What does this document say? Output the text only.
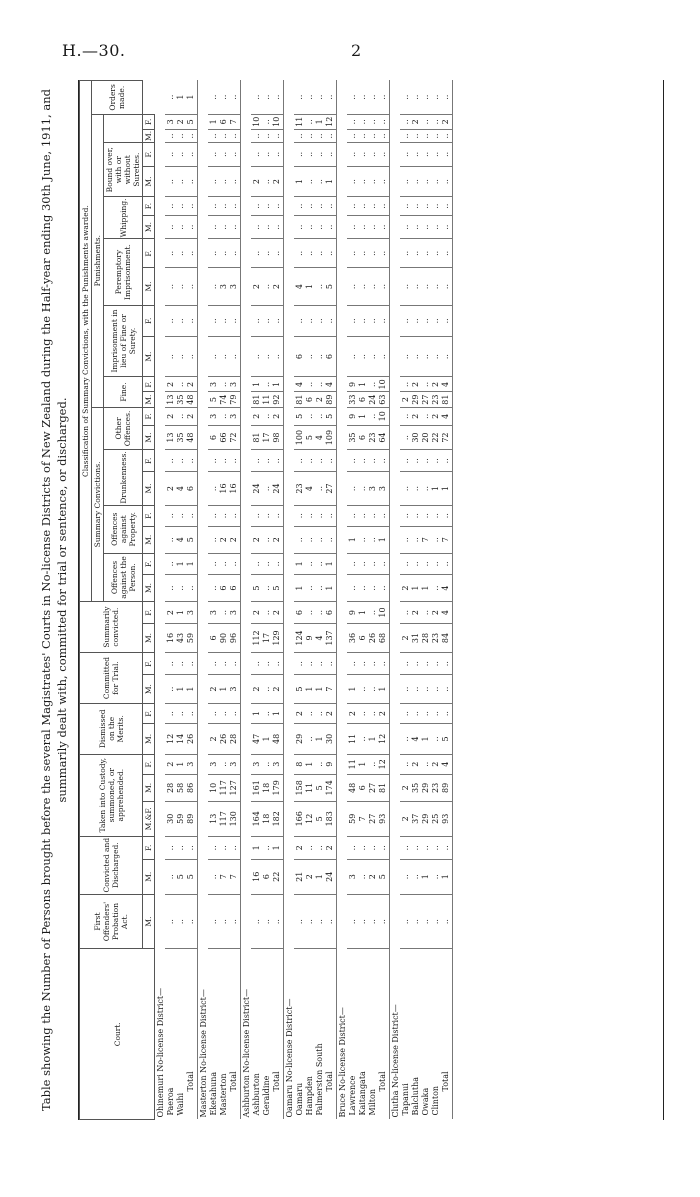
H.—30.	2
Table showing the Number of Persons brought before the several Magistrates' Courts in No-license Districts of New Zealand during the Half-year ending 30th June, 1911, and summarily dealt with, committed for trial or sentence, or discharged.
Court.	First Offenders' Probation Act.	Convicted and Discharged.		Taken into Custody, summoned, or apprehended.			Dismissed on the Merits.		Committed for Trial.		Summarily convicted.		Classification of Summary Convictions, with the Punishments awarded.																				
													Summary Convictions.								Punishments.												Orders made.
													Offences against the Person.		Offences against Property.		Drunkenness.		Other Offences.		Fine.		Imprisonment in lieu of Fine or Surety.		Peremptory Imprisonment.		Whipping.		Bound over, with or without Sureties.				
	M.	M.	F.	M.&F.	M.	F.	M.	F.	M.	F.	M.	F.	M.	F.	M.	F.	M.	F.	M.	F.	M.	F.	M.	F.	M.	F.	M.	F.	M.	F.	M.	F.	
Ohinemuri No-license District—																																	
Paeroa	..	..	..	30	28	2	12	..	..	..	16	2	..	..	..	..	2	..	13	2	13	2	..	..	..	..	..	..	..	..	..	3	..
Waihi	..	5	..	59	58	1	14	..	1	..	43	1	..	1	4	..	4	..	35	..	35	..	..	..	..	..	..	..	..	..	..	2	1
Total	..	5	..	89	86	3	26	..	1	..	59	3	..	1	5	..	6	..	48	2	48	2	..	..	..	..	..	..	..	..	..	5	1
Masterton No-license District—																																	
Eketahuna	..	..	..	13	10	3	2	..	2	..	6	3	..	..	..	..	..	..	6	3	5	3	..	..	..	..	..	..	..	..	..	1	..
Masterton	..	7	..	117	117	..	26	..	1	..	90	..	6	..	2	..	16	..	66	..	74	..	..	..	3	..	..	..	..	..	..	6	..
Total	..	7	..	130	127	3	28	..	3	..	96	3	6	..	2	..	16	..	72	3	79	3	..	..	3	..	..	..	..	..	..	7	..
Ashburton No-license District—																																	
Ashburton	..	16	1	164	161	3	47	1	2	..	112	2	5	..	2	..	24	..	81	2	81	1	..	..	2	..	..	..	2	..	..	10	..
Geraldine	..	6	..	18	18	..	1	..	..	..	17	..	..	..	..	..	..	..	17	..	11	..	..	..	..	..	..	..	..	..	..	..	..
Total	..	22	1	182	179	3	48	1	2	..	129	2	5	..	2	..	24	..	98	2	92	1	..	..	2	..	..	..	2	..	..	10	..
Oamaru No-license District—																																	
Oamaru	..	21	2	166	158	8	29	2	5	..	124	6	1	1	..	..	23	..	100	5	81	4	6	..	4	..	..	..	1	..	..	11	..
Hampden	..	2	..	12	11	1	..	..	1	..	9	..	..	..	..	..	4	..	5	..	6	..	..	..	1	..	..	..	..	..	..	..	..
Palmerston South	..	1	..	5	5	..	1	..	1	..	4	..	..	..	..	..	..	..	4	..	2	..	..	..	..	..	..	..	..	..	..	1	..
Total	..	24	2	183	174	9	30	2	7	..	137	6	1	1	..	..	27	..	109	5	89	4	6	..	5	..	..	..	1	..	..	12	..
Bruce No-license District—																																	
Lawrence	..	3	..	59	48	11	11	2	1	..	36	9	..	..	1	..	..	..	35	9	33	9	..	..	..	..	..	..	..	..	..	..	..
Kaitangata	..	..	..	7	6	1	..	..	..	..	6	1	..	..	..	..	..	..	6	1	6	1	..	..	..	..	..	..	..	..	..	..	..
Milton	..	2	..	27	27	..	1	..	..	..	26	..	..	..	..	..	3	..	23	..	24	..	..	..	..	..	..	..	..	..	..	..	..
Total	..	5	..	93	81	12	12	2	1	..	68	10	..	..	1	..	3	..	64	10	63	10	..	..	..	..	..	..	..	..	..	..	..
Clutha No-license District—																																	
Tapanui	..	..	..	2	2	..	..	..	..	..	2	..	2	..	..	..	..	..	..	..	2	..	..	..	..	..	..	..	..	..	..	..	..
Balclutha	..	..	..	37	35	2	4	..	..	..	31	2	1	..	..	..	..	..	30	2	29	2	..	..	..	..	..	..	..	..	..	2	..
Owaka	..	1	..	29	29	..	1	..	..	..	28	..	1	..	7	..	..	..	20	..	27	..	..	..	..	..	..	..	..	..	..	..	..
Clinton	..	..	..	25	23	2	..	..	..	..	23	2	..	..	..	..	1	..	22	2	23	2	..	..	..	..	..	..	..	..	..	..	..
Total	..	1	..	93	89	4	5	..	..	..	84	4	4	..	7	..	1	..	72	4	81	4	..	..	..	..	..	..	..	..	..	2	..
